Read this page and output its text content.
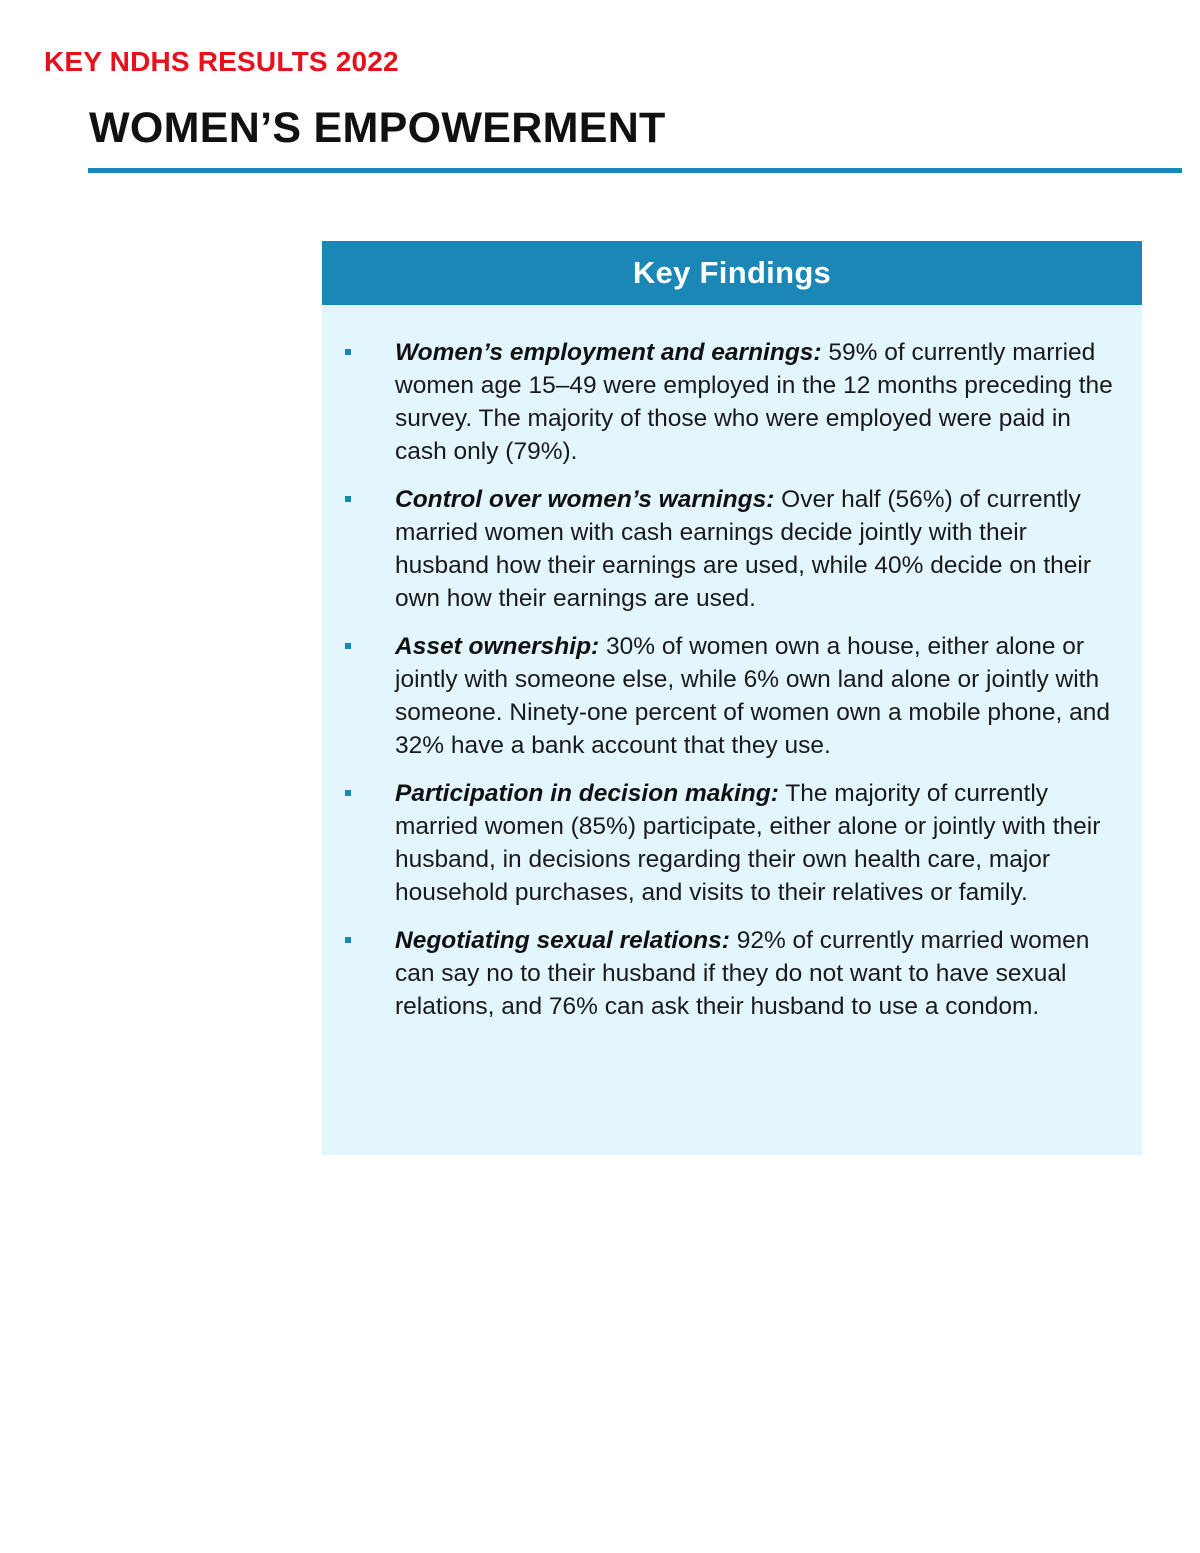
KEY NDHS RESULTS 2022
WOMEN’S EMPOWERMENT
Key Findings
Women’s employment and earnings: 59% of currently married women age 15–49 were employed in the 12 months preceding the survey. The majority of those who were employed were paid in cash only (79%).
Control over women’s warnings: Over half (56%) of currently married women with cash earnings decide jointly with their husband how their earnings are used, while 40% decide on their own how their earnings are used.
Asset ownership: 30% of women own a house, either alone or jointly with someone else, while 6% own land alone or jointly with someone. Ninety-one percent of women own a mobile phone, and 32% have a bank account that they use.
Participation in decision making: The majority of currently married women (85%) participate, either alone or jointly with their husband, in decisions regarding their own health care, major household purchases, and visits to their relatives or family.
Negotiating sexual relations: 92% of currently married women can say no to their husband if they do not want to have sexual relations, and 76% can ask their husband to use a condom.
